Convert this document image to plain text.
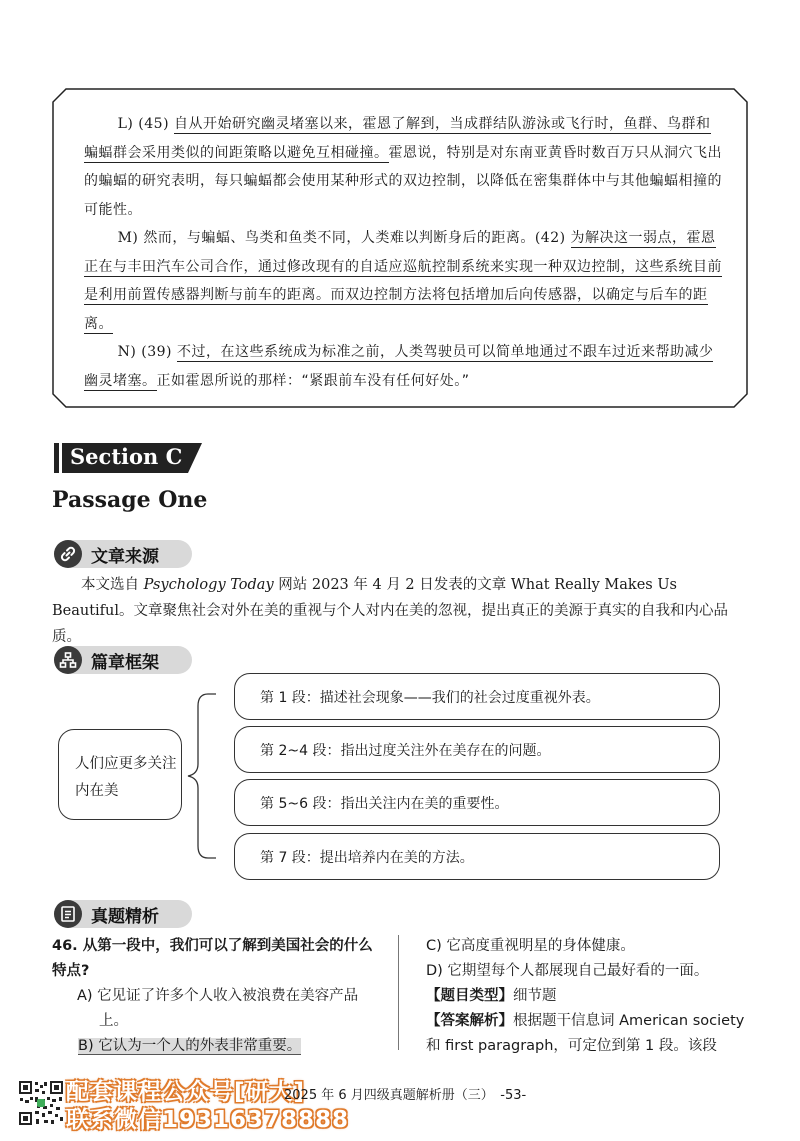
L) (45) 自从开始研究幽灵堵塞以来，霍恩了解到，当成群结队游泳或飞行时，鱼群、鸟群和蝙蝠群会采用类似的间距策略以避免互相碰撞。霍恩说，特别是对东南亚黄昏时数百万只从洞穴飞出的蝙蝠的研究表明，每只蝙蝠都会使用某种形式的双边控制，以降低在密集群体中与其他蝙蝠相撞的可能性。

M) 然而，与蝙蝠、鸟类和鱼类不同，人类难以判断身后的距离。(42) 为解决这一弱点，霍恩正在与丰田汽车公司合作，通过修改现有的自适应巡航控制系统来实现一种双边控制，这些系统目前是利用前置传感器判断与前车的距离。而双边控制方法将包括增加后向传感器，以确定与后车的距离。

N) (39) 不过，在这些系统成为标准之前，人类驾驶员可以简单地通过不跟车过近来帮助减少幽灵堵塞。正如霍恩所说的那样：“紧跟前车没有任何好处。”

Section C
Passage One
文章来源
本文选自 Psychology Today 网站 2023 年 4 月 2 日发表的文章 What Really Makes Us Beautiful。文章聚焦社会对外在美的重视与个人对内在美的忽视，提出真正的美源于真实的自我和内心品质。
篇章框架
人们应更多关注内在美
第 1 段：描述社会现象——我们的社会过度重视外表。
第 2~4 段：指出过度关注外在美存在的问题。
第 5~6 段：指出关注内在美的重要性。
第 7 段：提出培养内在美的方法。
真题精析
46. 从第一段中，我们可以了解到美国社会的什么特点?
A) 它见证了许多个人收入被浪费在美容产品上。
B) 它认为一个人的外表非常重要。
C) 它高度重视明星的身体健康。
D) 它期望每个人都展现自己最好看的一面。
【题目类型】细节题
【答案解析】根据题干信息词 American society 和 first paragraph，可定位到第 1 段。该段
配套课程公众号[研大]
联系微信19316378888
2025 年 6 月四级真题解析册（三）　-53-
